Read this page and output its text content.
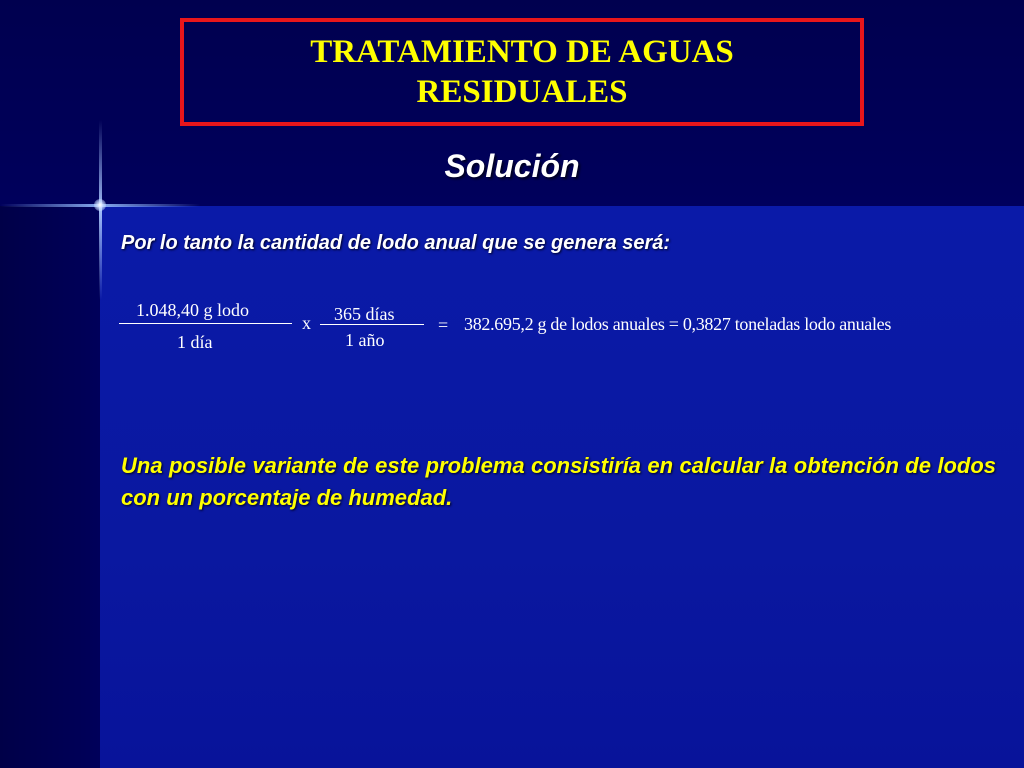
TRATAMIENTO DE AGUAS RESIDUALES
Solución
Por lo tanto la cantidad de lodo anual que se genera será:
1.048,40 g lodo
1 día
x 365 días
1 año
= 382.695,2 g de lodos anuales = 0,3827 toneladas lodo anuales
Una posible variante de este problema consistiría en calcular la obtención de lodos con un porcentaje de humedad.
